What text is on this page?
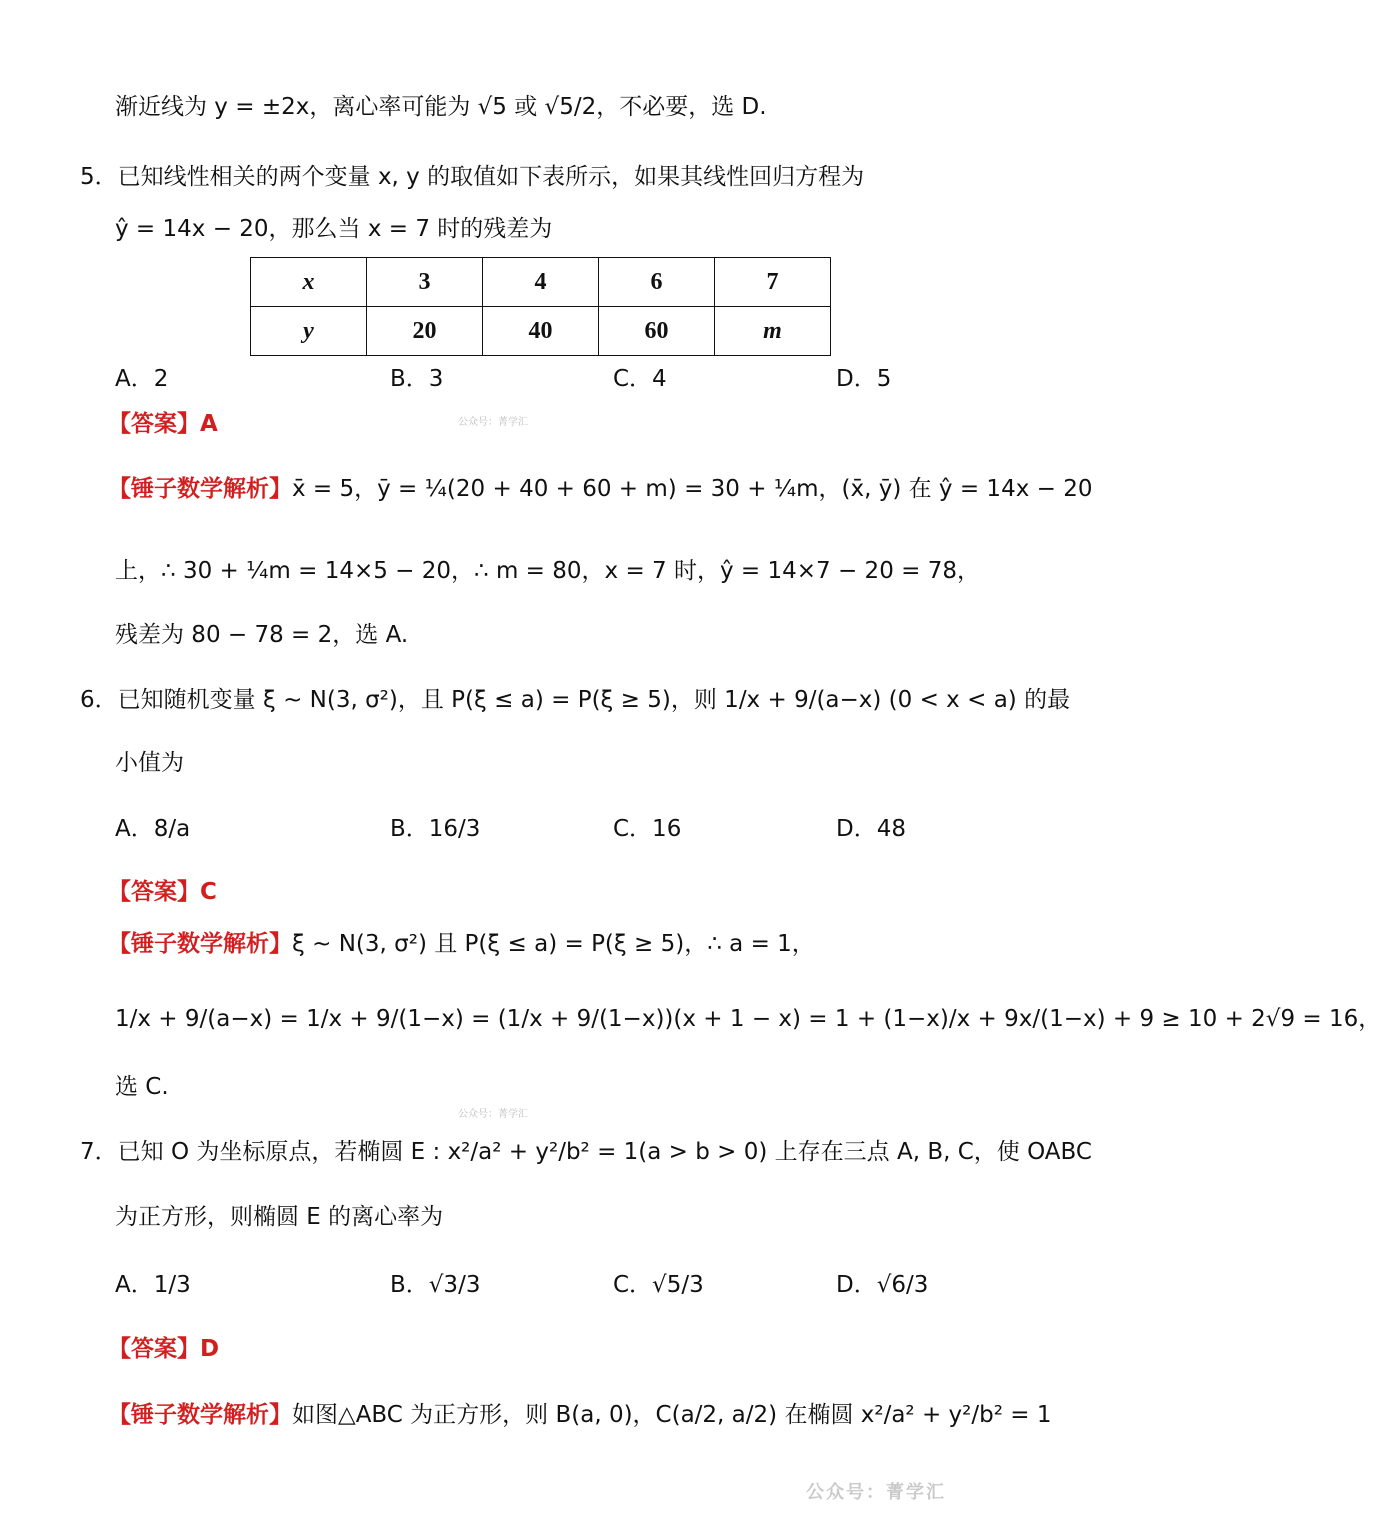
渐近线为 y = ±2x，离心率可能为 √5 或 √5/2，不必要，选 D.
5．已知线性相关的两个变量 x, y 的取值如下表所示，如果其线性回归方程为
ŷ = 14x − 20，那么当 x = 7 时的残差为
x	3	4	6	7
y	20	40	60	m
A．2	B．3	C．4	D．5
【答案】A	公众号：菁学汇
【锤子数学解析】x̄ = 5，ȳ = ¼(20 + 40 + 60 + m) = 30 + ¼m，(x̄, ȳ) 在 ŷ = 14x − 20
上，∴ 30 + ¼m = 14×5 − 20，∴ m = 80，x = 7 时，ŷ = 14×7 − 20 = 78，
残差为 80 − 78 = 2，选 A.
6．已知随机变量 ξ ~ N(3, σ²)，且 P(ξ ≤ a) = P(ξ ≥ 5)，则 1/x + 9/(a−x) (0 < x < a) 的最
小值为
A．8/a	B．16/3	C．16	D．48
【答案】C
【锤子数学解析】ξ ~ N(3, σ²) 且 P(ξ ≤ a) = P(ξ ≥ 5)，∴ a = 1，
1/x + 9/(a−x) = 1/x + 9/(1−x) = (1/x + 9/(1−x))(x + 1 − x) = 1 + (1−x)/x + 9x/(1−x) + 9 ≥ 10 + 2√9 = 16，
选 C.
公众号：菁学汇
7．已知 O 为坐标原点，若椭圆 E : x²/a² + y²/b² = 1(a > b > 0) 上存在三点 A, B, C，使 OABC
为正方形，则椭圆 E 的离心率为
A．1/3	B．√3/3	C．√5/3	D．√6/3
【答案】D
【锤子数学解析】如图△ABC 为正方形，则 B(a, 0)，C(a/2, a/2) 在椭圆 x²/a² + y²/b² = 1
公众号：菁学汇
